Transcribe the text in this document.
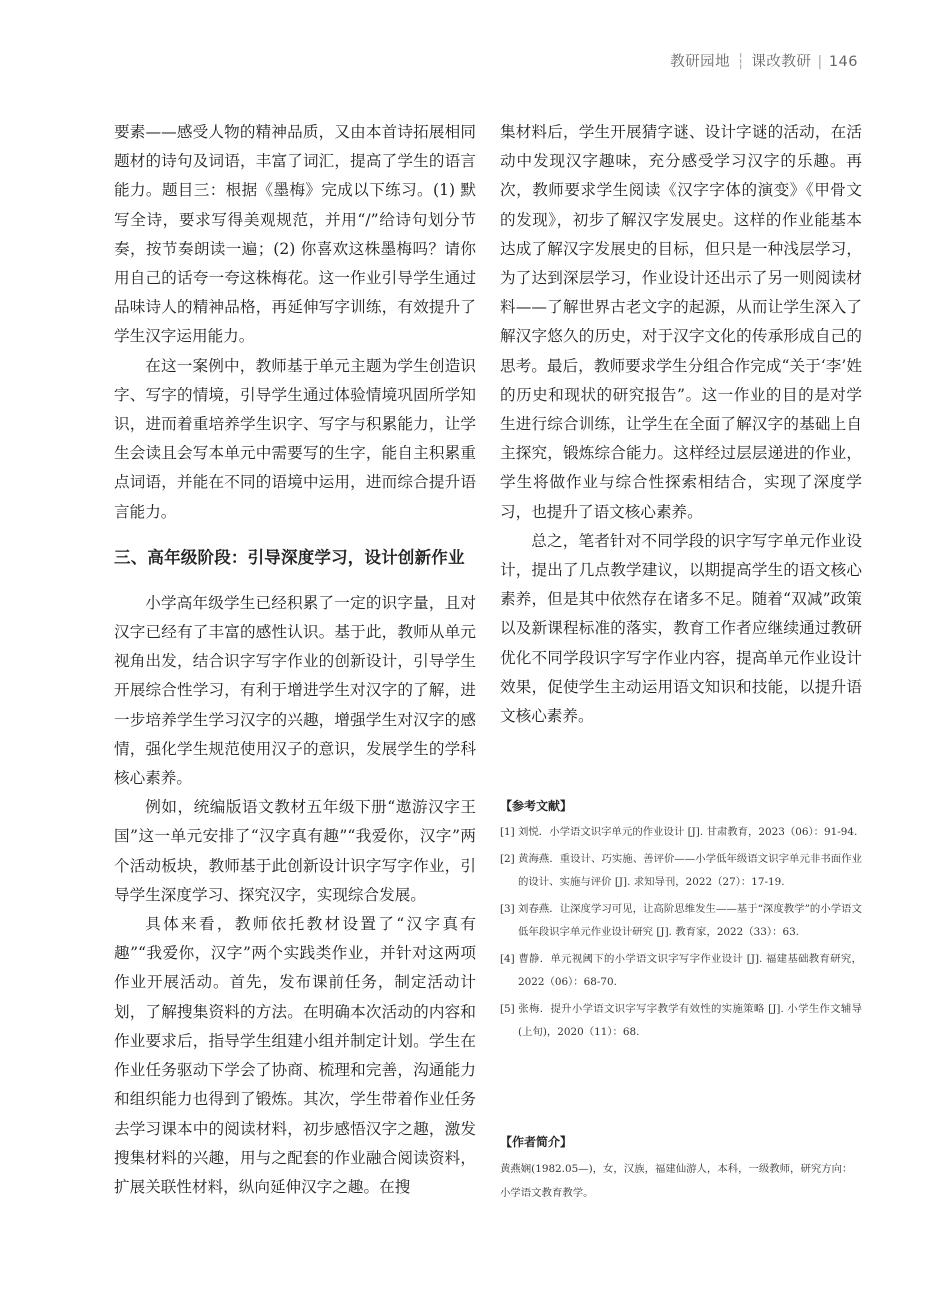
教研园地 ┆ 课改教研 | 146

要素——感受人物的精神品质，又由本首诗拓展相同题材的诗句及词语，丰富了词汇，提高了学生的语言能力。题目三：根据《墨梅》完成以下练习。(1) 默写全诗，要求写得美观规范，并用“/”给诗句划分节奏，按节奏朗读一遍；(2) 你喜欢这株墨梅吗？请你用自己的话夸一夸这株梅花。这一作业引导学生通过品味诗人的精神品格，再延伸写字训练，有效提升了学生汉字运用能力。

在这一案例中，教师基于单元主题为学生创造识字、写字的情境，引导学生通过体验情境巩固所学知识，进而着重培养学生识字、写字与积累能力，让学生会读且会写本单元中需要写的生字，能自主积累重点词语，并能在不同的语境中运用，进而综合提升语言能力。

三、高年级阶段：引导深度学习，设计创新作业

小学高年级学生已经积累了一定的识字量，且对汉字已经有了丰富的感性认识。基于此，教师从单元视角出发，结合识字写字作业的创新设计，引导学生开展综合性学习，有利于增进学生对汉字的了解，进一步培养学生学习汉字的兴趣，增强学生对汉字的感情，强化学生规范使用汉子的意识，发展学生的学科核心素养。

例如，统编版语文教材五年级下册“遨游汉字王国”这一单元安排了“汉字真有趣”“我爱你，汉字”两个活动板块，教师基于此创新设计识字写字作业，引导学生深度学习、探究汉字，实现综合发展。

具体来看，教师依托教材设置了“汉字真有趣”“我爱你，汉字”两个实践类作业，并针对这两项作业开展活动。首先，发布课前任务，制定活动计划，了解搜集资料的方法。在明确本次活动的内容和作业要求后，指导学生组建小组并制定计划。学生在作业任务驱动下学会了协商、梳理和完善，沟通能力和组织能力也得到了锻炼。其次，学生带着作业任务去学习课本中的阅读材料，初步感悟汉字之趣，激发搜集材料的兴趣，用与之配套的作业融合阅读资料，扩展关联性材料，纵向延伸汉字之趣。在搜

集材料后，学生开展猜字谜、设计字谜的活动，在活动中发现汉字趣味，充分感受学习汉字的乐趣。再次，教师要求学生阅读《汉字字体的演变》《甲骨文的发现》，初步了解汉字发展史。这样的作业能基本达成了解汉字发展史的目标，但只是一种浅层学习，为了达到深层学习，作业设计还出示了另一则阅读材料——了解世界古老文字的起源，从而让学生深入了解汉字悠久的历史，对于汉字文化的传承形成自己的思考。最后，教师要求学生分组合作完成“关于‘李’姓的历史和现状的研究报告”。这一作业的目的是对学生进行综合训练，让学生在全面了解汉字的基础上自主探究，锻炼综合能力。这样经过层层递进的作业，学生将做作业与综合性探索相结合，实现了深度学习，也提升了语文核心素养。

总之，笔者针对不同学段的识字写字单元作业设计，提出了几点教学建议，以期提高学生的语文核心素养，但是其中依然存在诸多不足。随着“双减”政策以及新课程标准的落实，教育工作者应继续通过教研优化不同学段识字写字作业内容，提高单元作业设计效果，促使学生主动运用语文知识和技能，以提升语文核心素养。

【参考文献】
[1] 刘悦．小学语文识字单元的作业设计 [J]. 甘肃教育，2023（06）：91-94.
[2] 黄海燕．重设计、巧实施、善评价——小学低年级语文识字单元非书面作业的设计、实施与评价 [J]. 求知导刊，2022（27）：17-19.
[3] 刘春燕．让深度学习可见，让高阶思维发生——基于“深度教学”的小学语文低年段识字单元作业设计研究 [J]. 教育家，2022（33）：63.
[4] 曹静．单元视阈下的小学语文识字写字作业设计 [J]. 福建基础教育研究，2022（06）：68-70.
[5] 张梅．提升小学语文识字写字教学有效性的实施策略 [J]. 小学生作文辅导(上旬)，2020（11）：68.
【作者简介】
黄燕娴(1982.05—)，女，汉族，福建仙游人，本科，一级教师，研究方向：小学语文教育教学。
